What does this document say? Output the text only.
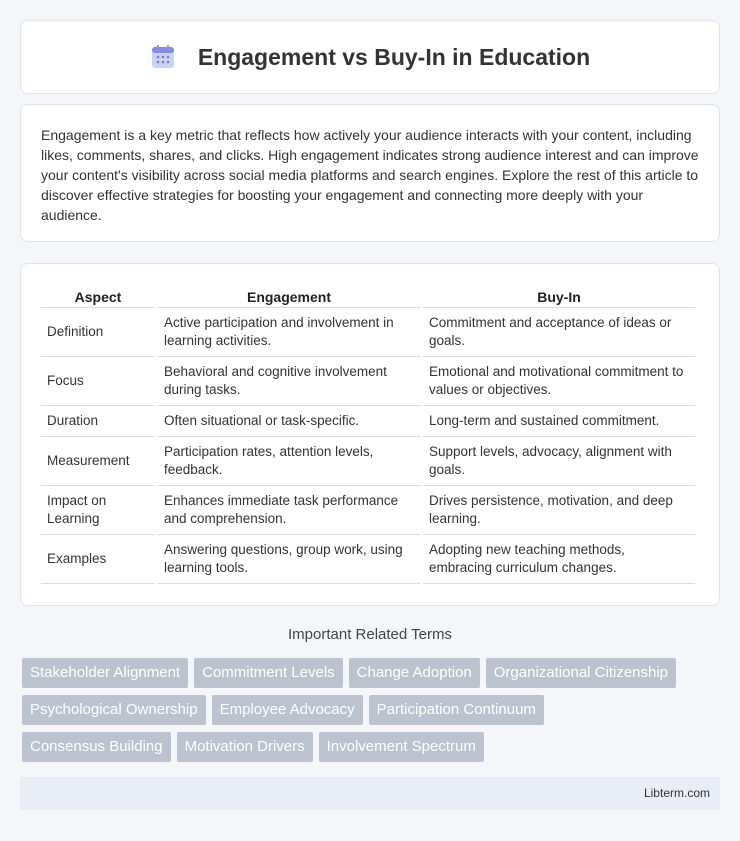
Engagement vs Buy-In in Education

Engagement is a key metric that reflects how actively your audience interacts with your content, including likes, comments, shares, and clicks. High engagement indicates strong audience interest and can improve your content's visibility across social media platforms and search engines. Explore the rest of this article to discover effective strategies for boosting your engagement and connecting more deeply with your audience.

Aspect	Engagement	Buy-In
Definition	Active participation and involvement in learning activities.	Commitment and acceptance of ideas or goals.
Focus	Behavioral and cognitive involvement during tasks.	Emotional and motivational commitment to values or objectives.
Duration	Often situational or task-specific.	Long-term and sustained commitment.
Measurement	Participation rates, attention levels, feedback.	Support levels, advocacy, alignment with goals.
Impact on Learning	Enhances immediate task performance and comprehension.	Drives persistence, motivation, and deep learning.
Examples	Answering questions, group work, using learning tools.	Adopting new teaching methods, embracing curriculum changes.
Important Related Terms
Stakeholder Alignment	Commitment Levels	Change Adoption	Organizational Citizenship
Psychological Ownership	Employee Advocacy	Participation Continuum
Consensus Building	Motivation Drivers	Involvement Spectrum
Libterm.com
